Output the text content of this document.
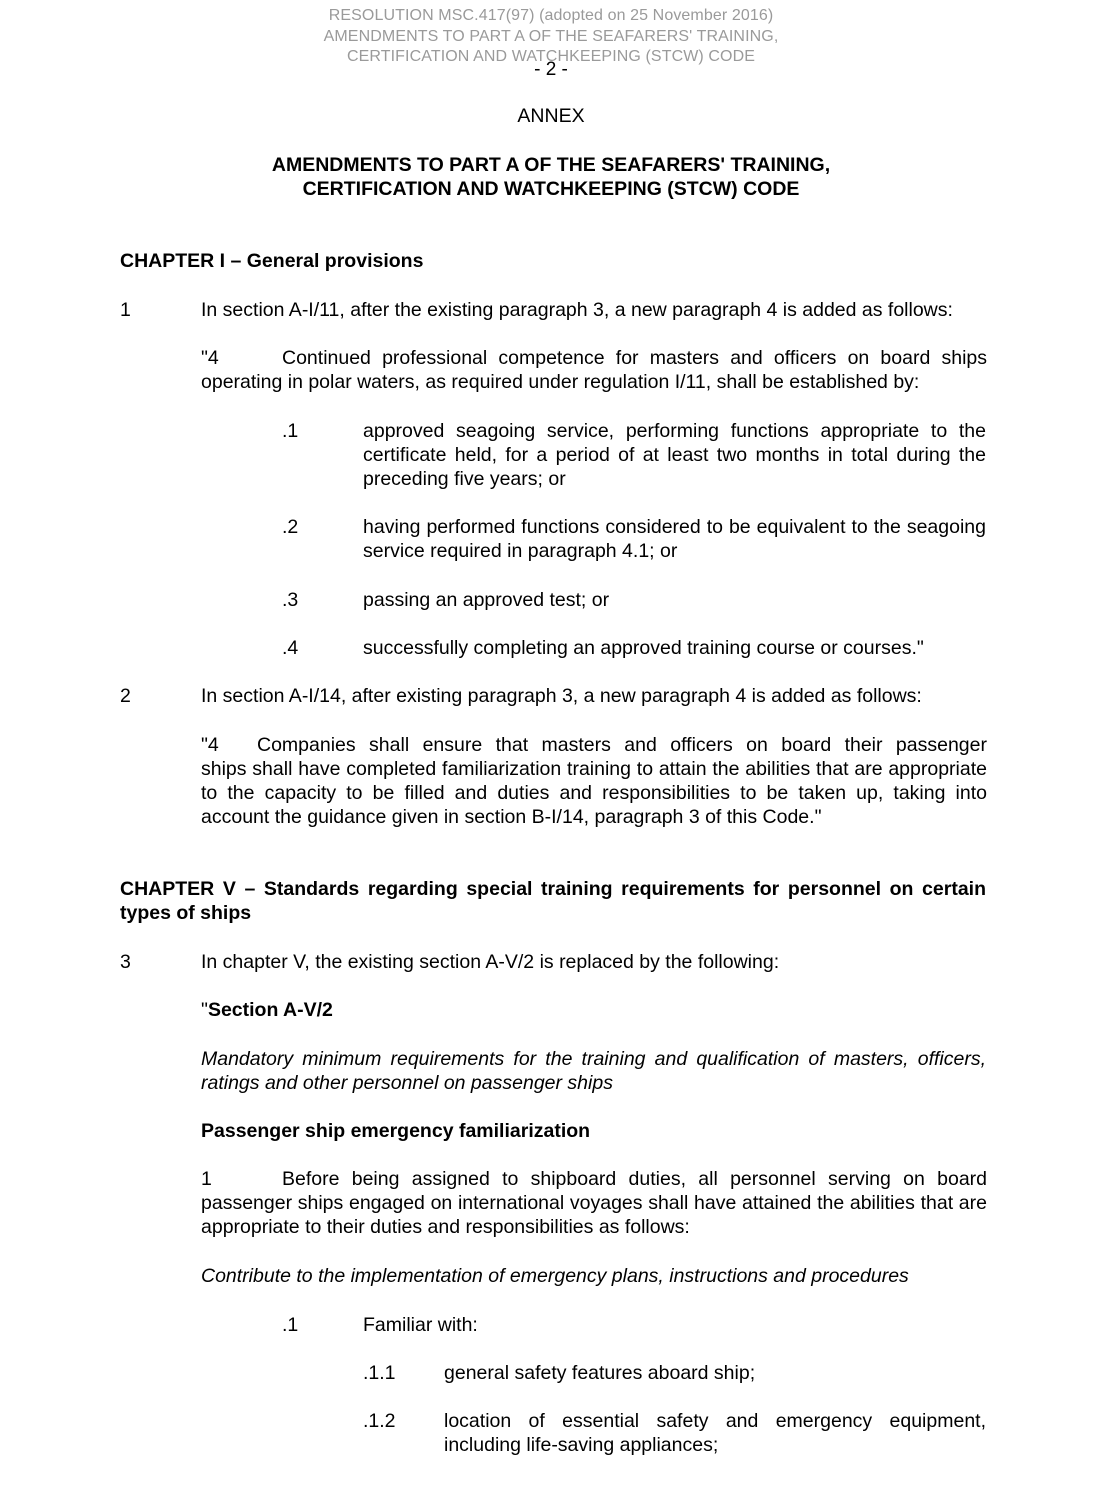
RESOLUTION MSC.417(97) (adopted on 25 November 2016)
AMENDMENTS TO PART A OF THE SEAFARERS' TRAINING,
CERTIFICATION AND WATCHKEEPING (STCW) CODE
- 2 -
ANNEX
AMENDMENTS TO PART A OF THE SEAFARERS' TRAINING,
CERTIFICATION AND WATCHKEEPING (STCW) CODE
CHAPTER I – General provisions
1	In section A-I/11, after the existing paragraph 3, a new paragraph 4 is added as follows:
"4	Continued professional competence for masters and officers on board ships
operating in polar waters, as required under regulation I/11, shall be established by:
.1	approved seagoing service, performing functions appropriate to the certificate held, for a period of at least two months in total during the preceding five years; or
.2	having performed functions considered to be equivalent to the seagoing service required in paragraph 4.1; or
.3	passing an approved test; or
.4	successfully completing an approved training course or courses."
2	In section A-I/14, after existing paragraph 3, a new paragraph 4 is added as follows:
"4 Companies shall ensure that masters and officers on board their passenger
ships shall have completed familiarization training to attain the abilities that are appropriate to the capacity to be filled and duties and responsibilities to be taken up, taking into account the guidance given in section B-I/14, paragraph 3 of this Code."
CHAPTER V – Standards regarding special training requirements for personnel on certain types of ships
3	In chapter V, the existing section A-V/2 is replaced by the following:
"Section A-V/2
Mandatory minimum requirements for the training and qualification of masters, officers, ratings and other personnel on passenger ships
Passenger ship emergency familiarization
1	Before being assigned to shipboard duties, all personnel serving on board
passenger ships engaged on international voyages shall have attained the abilities that are appropriate to their duties and responsibilities as follows:
Contribute to the implementation of emergency plans, instructions and procedures
.1	Familiar with:
.1.1 general safety features aboard ship;
.1.2 location of essential safety and emergency equipment, including life-saving appliances;
